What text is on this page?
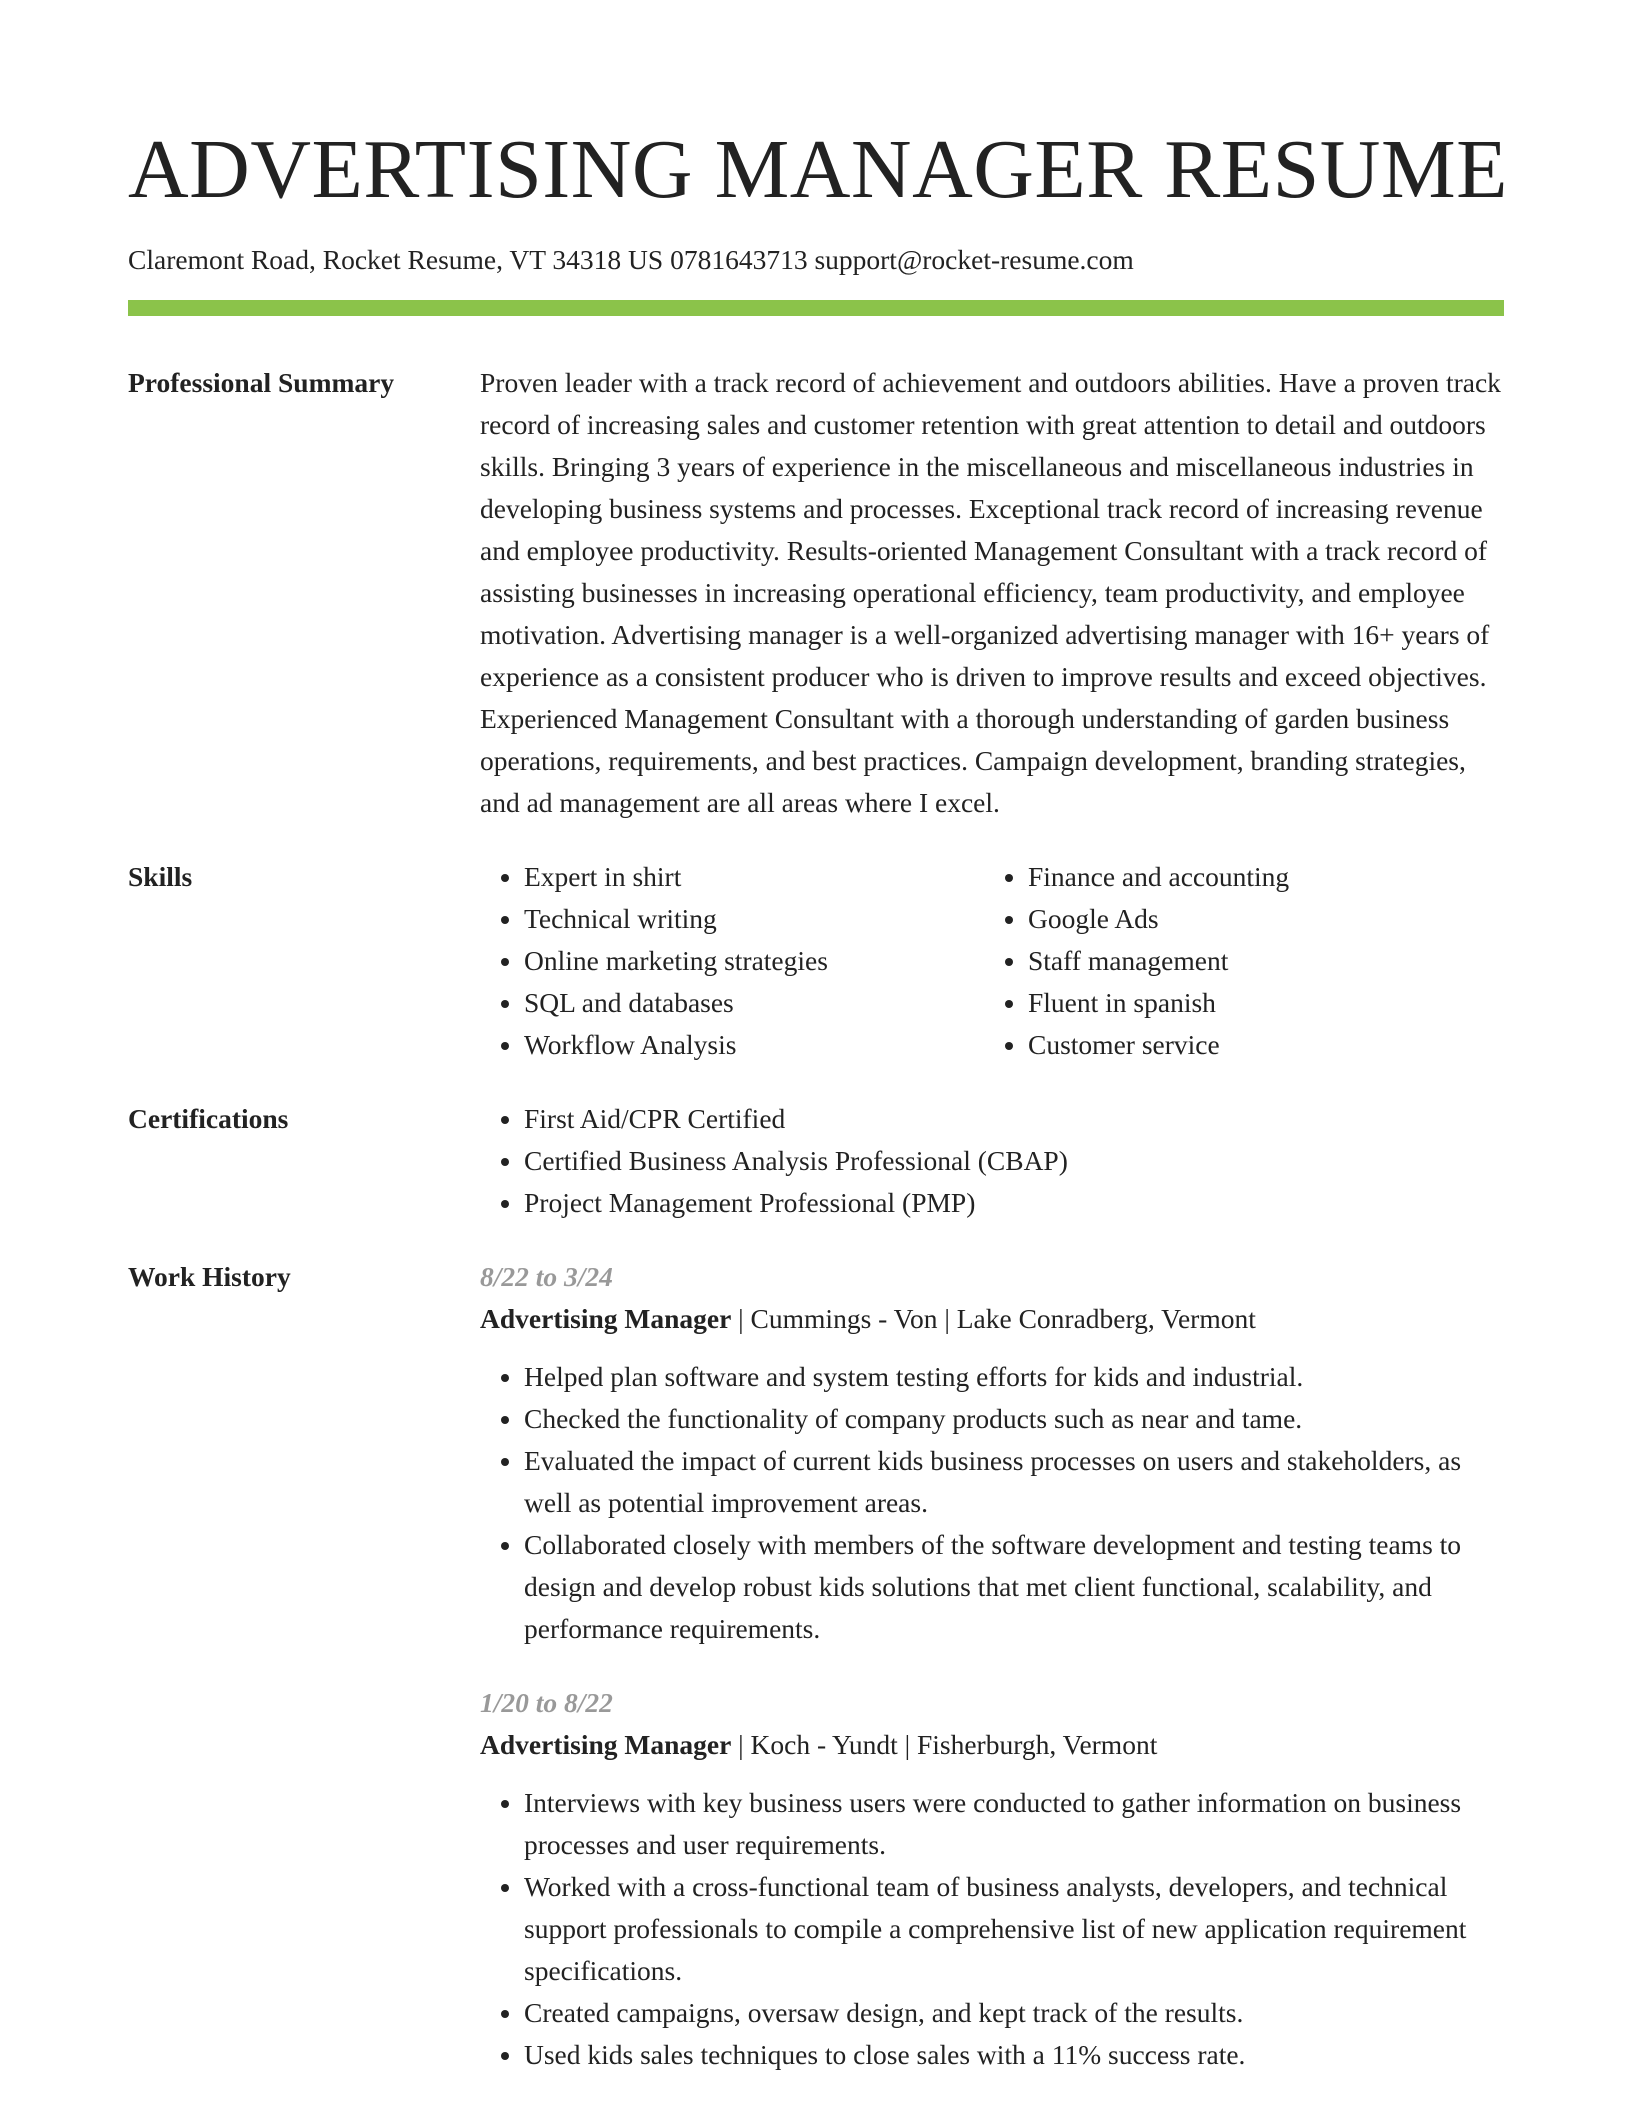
ADVERTISING MANAGER RESUME
Claremont Road, Rocket Resume, VT 34318 US 0781643713 support@rocket-resume.com
Professional Summary	Proven leader with a track record of achievement and outdoors abilities. Have a proven track record of increasing sales and customer retention with great attention to detail and outdoors skills. Bringing 3 years of experience in the miscellaneous and miscellaneous industries in developing business systems and processes. Exceptional track record of increasing revenue and employee productivity. Results-oriented Management Consultant with a track record of assisting businesses in increasing operational efficiency, team productivity, and employee motivation. Advertising manager is a well-organized advertising manager with 16+ years of experience as a consistent producer who is driven to improve results and exceed objectives. Experienced Management Consultant with a thorough understanding of garden business operations, requirements, and best practices. Campaign development, branding strategies, and ad management are all areas where I excel.

Skills	• Expert in shirt
• Technical writing
• Online marketing strategies
• SQL and databases
• Workflow Analysis
• Finance and accounting
• Google Ads
• Staff management
• Fluent in spanish
• Customer service
Certifications	• First Aid/CPR Certified
• Certified Business Analysis Professional (CBAP)
• Project Management Professional (PMP)
Work History	8/22 to 3/24
Advertising Manager | Cummings - Von | Lake Conradberg, Vermont
• Helped plan software and system testing efforts for kids and industrial.
• Checked the functionality of company products such as near and tame.
• Evaluated the impact of current kids business processes on users and stakeholders, as well as potential improvement areas.
• Collaborated closely with members of the software development and testing teams to design and develop robust kids solutions that met client functional, scalability, and performance requirements.
1/20 to 8/22
Advertising Manager | Koch - Yundt | Fisherburgh, Vermont
• Interviews with key business users were conducted to gather information on business processes and user requirements.
• Worked with a cross-functional team of business analysts, developers, and technical support professionals to compile a comprehensive list of new application requirement specifications.
• Created campaigns, oversaw design, and kept track of the results.
• Used kids sales techniques to close sales with a 11% success rate.
